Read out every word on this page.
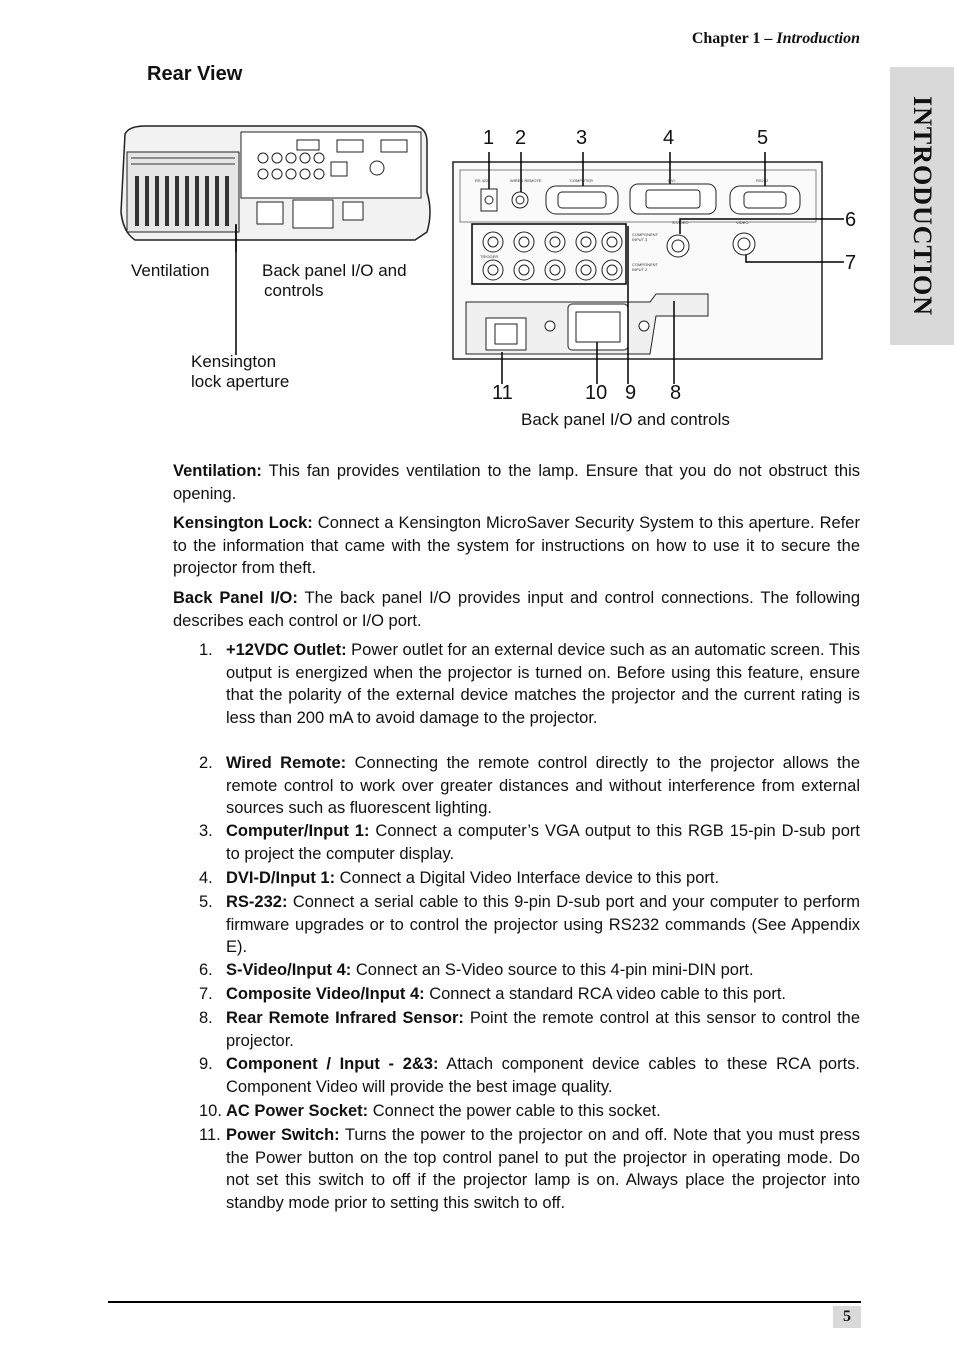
Chapter 1 – Introduction
INTRODUCTION
Rear View
Ventilation	Back panel I/O and
controls
Kensington
lock aperture
RS 422	WIRED REMOTE	COMPUTER	DVI	RS232
S-VIDEO	VIDEO
TRIGGER
COMPONENT
INPUT 3
COMPONENT
INPUT 2
1 2 3	4	5
6
7
11	10 9 8
Back panel I/O and controls

Ventilation: This fan provides ventilation to the lamp. Ensure that you do not obstruct this opening.

Kensington Lock: Connect a Kensington MicroSaver Security System to this aperture. Refer to the information that came with the system for instructions on how to use it to secure the projector from theft.

Back Panel I/O: The back panel I/O provides input and control connections. The following describes each control or I/O port.

1. +12VDC Outlet: Power outlet for an external device such as an automatic screen. This output is energized when the projector is turned on. Before using this feature, ensure that the polarity of the external device matches the projector and the current rating is less than 200 mA to avoid damage to the projector.
2. Wired Remote: Connecting the remote control directly to the projector allows the remote control to work over greater distances and without interference from external sources such as fluorescent lighting.
3. Computer/Input 1: Connect a computer’s VGA output to this RGB 15-pin D-sub port to project the computer display.
4. DVI-D/Input 1: Connect a Digital Video Interface device to this port.
5. RS-232: Connect a serial cable to this 9-pin D-sub port and your computer to perform firmware upgrades or to control the projector using RS232 commands (See Appendix E).
6. S-Video/Input 4: Connect an S-Video source to this 4-pin mini-DIN port.
7. Composite Video/Input 4: Connect a standard RCA video cable to this port.
8. Rear Remote Infrared Sensor: Point the remote control at this sensor to control the projector.
9. Component / Input - 2&3: Attach component device cables to these RCA ports. Component Video will provide the best image quality.
10. AC Power Socket: Connect the power cable to this socket.
11. Power Switch: Turns the power to the projector on and off. Note that you must press the Power button on the top control panel to put the projector in operating mode. Do not set this switch to off if the projector lamp is on. Always place the projector into standby mode prior to setting this switch to off.
5
